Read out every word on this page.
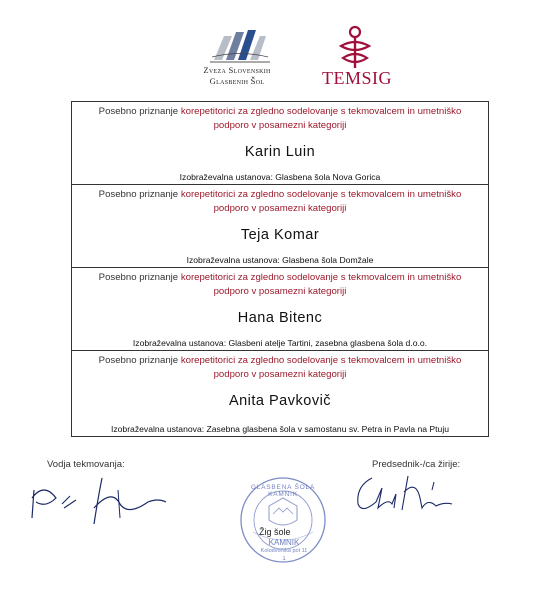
Zveza Slovenskih
Glasbenih Šol	TEMSIG
Posebno priznanje korepetitorici za zgledno sodelovanje s tekmovalcem in umetniško podporo v posamezni kategoriji
Karin Luin
Izobraževalna ustanova: Glasbena šola Nova Gorica
Posebno priznanje korepetitorici za zgledno sodelovanje s tekmovalcem in umetniško podporo v posamezni kategoriji
Teja Komar
Izobraževalna ustanova: Glasbena šola Domžale
Posebno priznanje korepetitorici za zgledno sodelovanje s tekmovalcem in umetniško podporo v posamezni kategoriji
Hana Bitenc
Izobraževalna ustanova: Glasbeni atelje Tartini, zasebna glasbena šola d.o.o.
Posebno priznanje korepetitorici za zgledno sodelovanje s tekmovalcem in umetniško podporo v posamezni kategoriji
Anita Pavkovič
Izobraževalna ustanova: Zasebna glasbena šola v samostanu sv. Petra in Pavla na Ptuju
Vodja tekmovanja:
GLASBENA ŠOLA KAMNIK
Žig šole
KAMNIK
Kolodvorska pot 11
1
Predsednik-/ca žirije:
